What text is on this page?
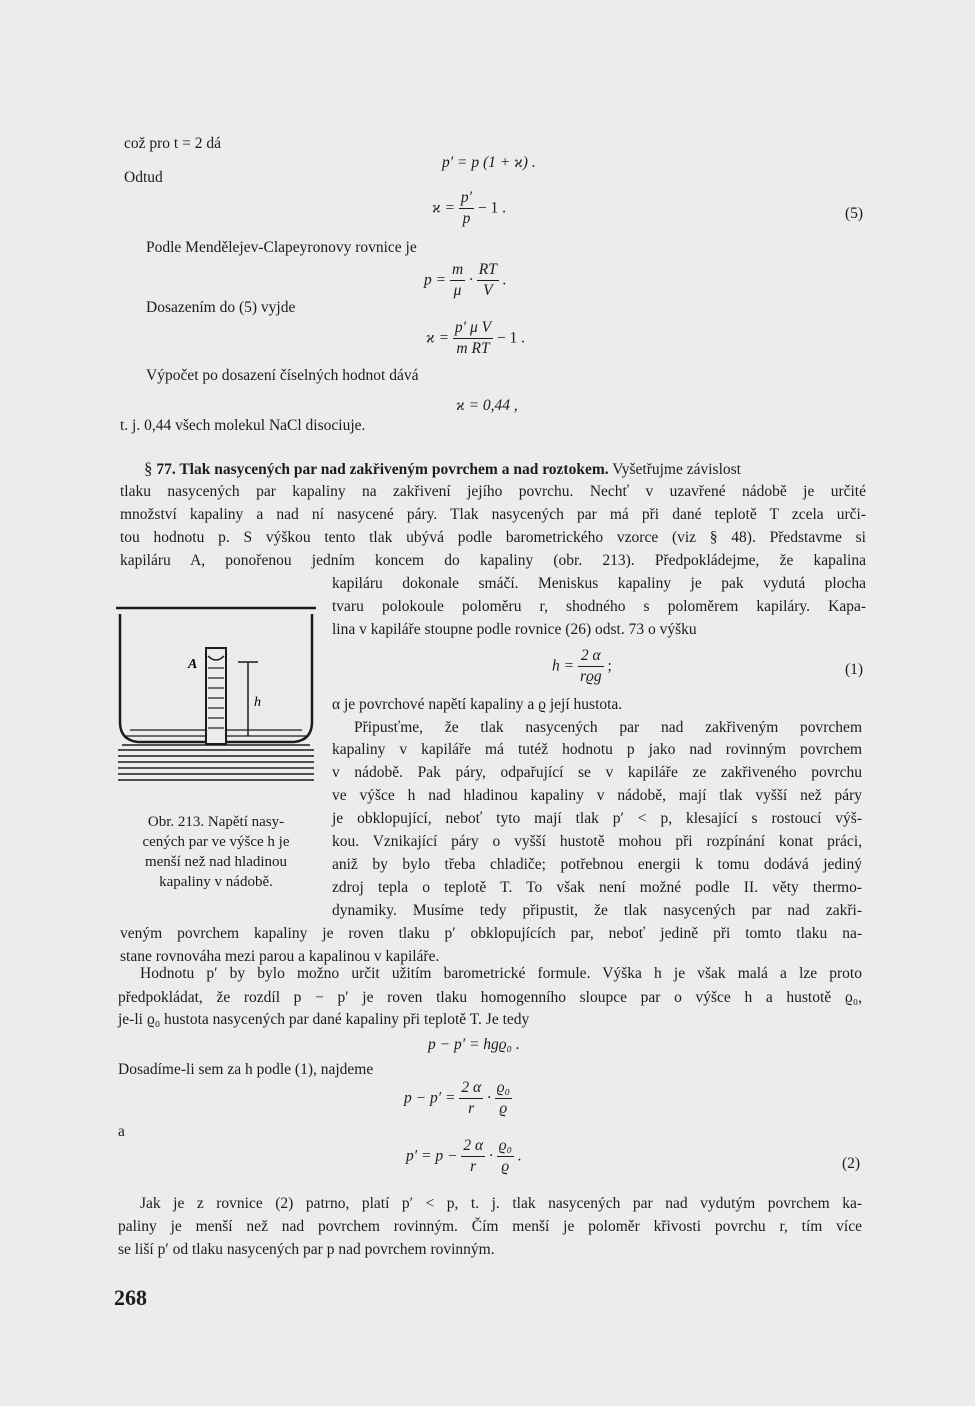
což pro t = 2 dá
p′ = p (1 + ϰ) .
Odtud
$ϰ = \frac{p'}{p} - 1$ .	(5)
Podle Mendělejev-Clapeyronovy rovnice je
$p = \frac{m}{\mu} \cdot \frac{RT}{V}$ .
Dosazením do (5) vyjde
$ϰ = \frac{\text{p′ μ V}}{\text{m RT}} - 1$ .
Výpočet po dosazení číselných hodnot dává
ϰ = 0,44 ,
t. j. 0,44 všech molekul NaCl disociuje.
§ 77. Tlak nasycených par nad zakřiveným povrchem a nad roztokem. Vyšetřujme závislost
tlaku nasycených par kapaliny na zakřivení jejího povrchu. Nechť v uzavřené nádobě je určité
množství kapaliny a nad ní nasycené páry. Tlak nasycených par má při dané teplotě T zcela urči-
tou hodnotu p. S výškou tento tlak ubývá podle barometrického vzorce (viz § 48). Představme si
kapiláru A, ponořenou jedním koncem do kapaliny (obr. 213). Předpokládejme, že kapalina
kapiláru dokonale smáčí. Meniskus kapaliny je pak vydutá plocha
tvaru polokoule poloměru r, shodného s poloměrem kapiláry. Kapa-
lina v kapiláře stoupne podle rovnice (26) odst. 73 o výšku
$h = \frac{2 \alpha}{\text{rϱg}}$ ;	(1)
α je povrchové napětí kapaliny a ϱ její hustota.
Připusťme, že tlak nasycených par nad zakřiveným povrchem
kapaliny v kapiláře má tutéž hodnotu p jako nad rovinným povrchem
v nádobě. Pak páry, odpařující se v kapiláře ze zakřiveného povrchu
ve výšce h nad hladinou kapaliny v nádobě, mají tlak vyšší než páry
je obklopující, neboť tyto mají tlak p′ < p, klesající s rostoucí výš-
kou. Vznikající páry o vyšší hustotě mohou při rozpínání konat práci,
aniž by bylo třeba chladiče; potřebnou energii k tomu dodává jediný
zdroj tepla o teplotě T. To však není možné podle II. věty thermo-
dynamiky. Musíme tedy připustit, že tlak nasycených par nad zakři-
veným povrchem kapaliny je roven tlaku p′ obklopujících par, neboť jedině při tomto tlaku na-
stane rovnováha mezi parou a kapalinou v kapiláře.
A
h
Obr. 213. Napětí nasy-
cených par ve výšce h je
menší než nad hladinou
kapaliny v nádobě.
Hodnotu p′ by bylo možno určit užitím barometrické formule. Výška h je však malá a lze proto
předpokládat, že rozdíl p − p′ je roven tlaku homogenního sloupce par o výšce h a hustotě ϱ₀,
je-li ϱ₀ hustota nasycených par dané kapaliny při teplotě T. Je tedy
p − p′ = hgϱ₀ .
Dosadíme-li sem za h podle (1), najdeme
$p - p' = \frac{2 \alpha}{r} \cdot \frac{\text{ϱ₀}}{ϱ}$
a
$p' = p - \frac{2 \alpha}{r} \cdot \frac{\text{ϱ₀}}{ϱ}$ .	(2)
Jak je z rovnice (2) patrno, platí p′ < p, t. j. tlak nasycených par nad vydutým povrchem ka-
paliny je menší než nad povrchem rovinným. Čím menší je poloměr křivosti povrchu r, tím více
se liší p′ od tlaku nasycených par p nad povrchem rovinným.
268
